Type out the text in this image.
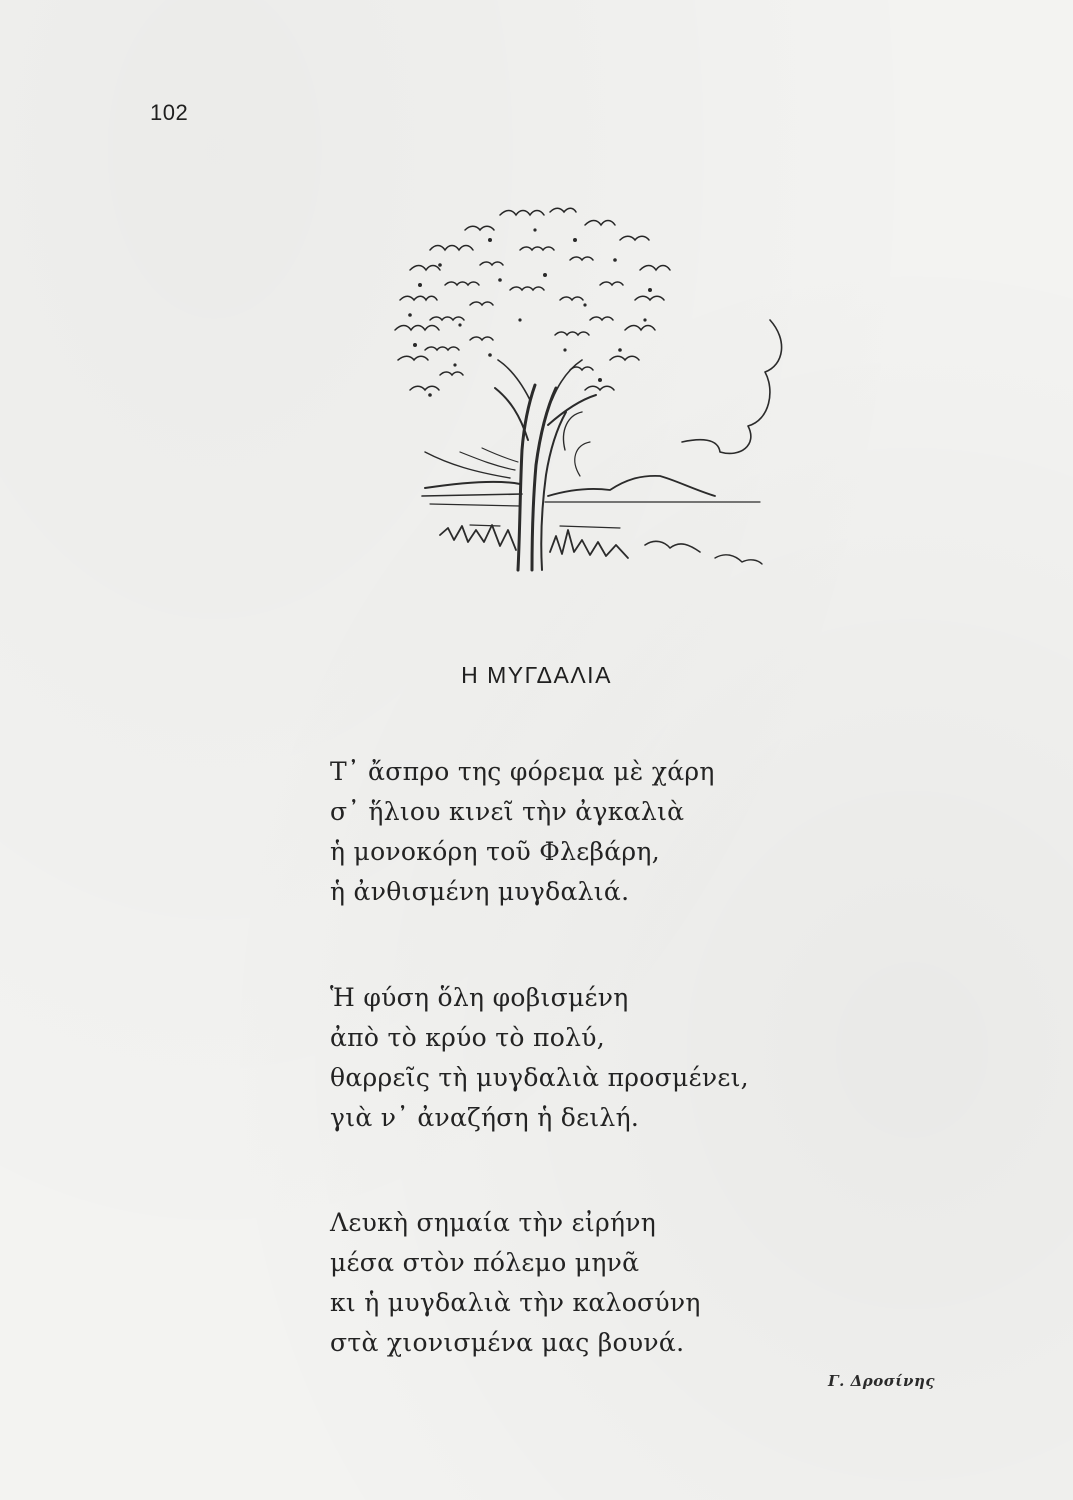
102
Η ΜΥΓΔΑΛΙΑ
Τ᾽ ἄσπρο της φόρεμα μὲ χάρη
σ᾽ ἥλιου κινεῖ τὴν ἀγκαλιὰ
ἡ μονοκόρη τοῦ Φλεβάρη,
ἡ ἀνθισμένη μυγδαλιά.
Ἡ φύση ὅλη φοβισμένη
ἀπὸ τὸ κρύο τὸ πολύ,
θαρρεῖς τὴ μυγδαλιὰ προσμένει,
γιὰ ν᾽ ἀναζήση ἡ δειλή.
Λευκὴ σημαία τὴν εἰρήνη
μέσα στὸν πόλεμο μηνᾶ
κι ἡ μυγδαλιὰ τὴν καλοσύνη
στὰ χιονισμένα μας βουνά.
Γ. Δροσίνης
